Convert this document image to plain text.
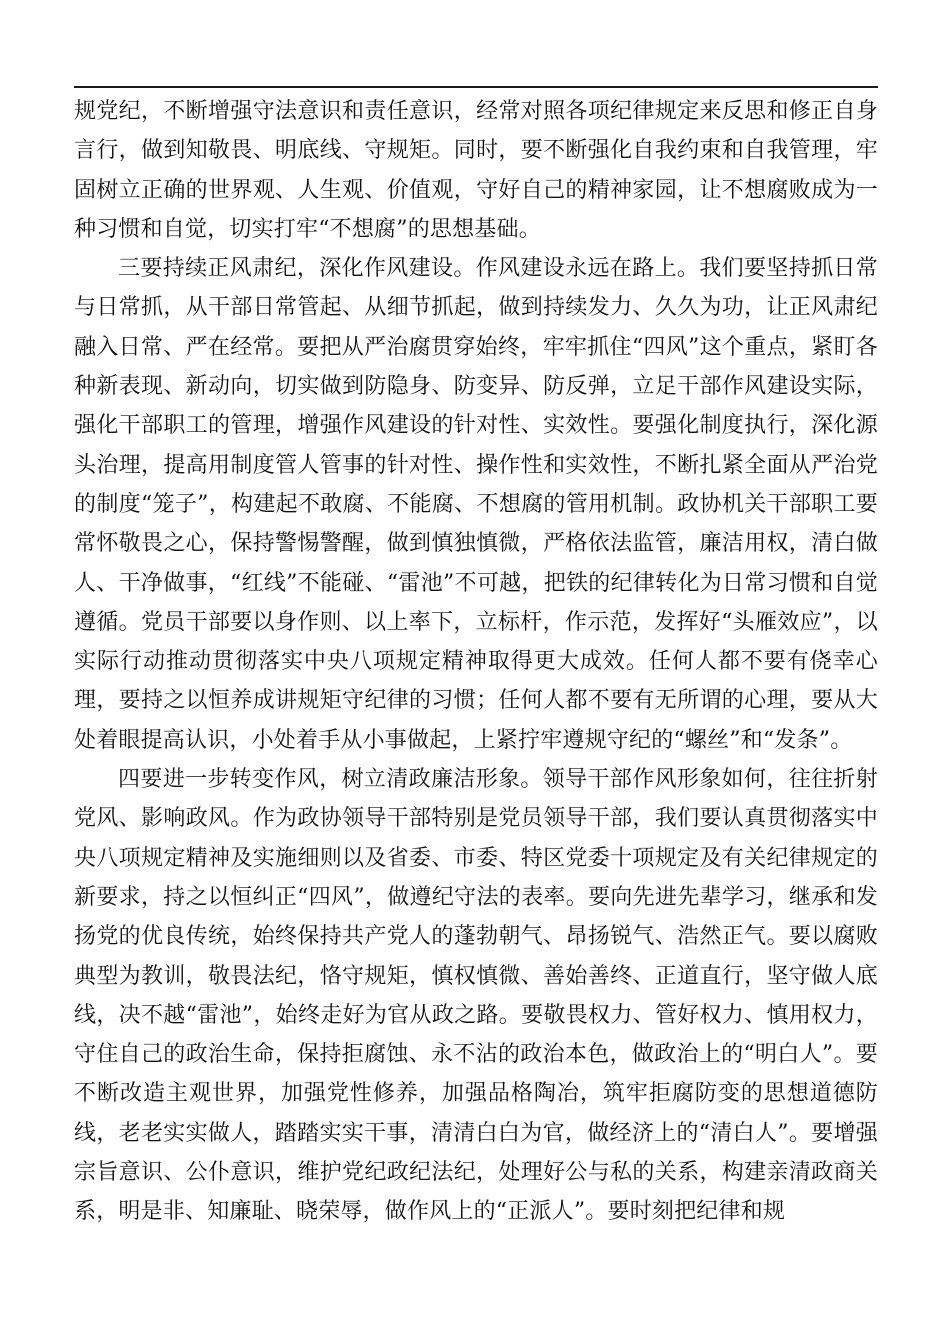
规党纪，不断增强守法意识和责任意识，经常对照各项纪律规定来反思和修正自身言行，做到知敬畏、明底线、守规矩。同时，要不断强化自我约束和自我管理，牢固树立正确的世界观、人生观、价值观，守好自己的精神家园，让不想腐败成为一种习惯和自觉，切实打牢“不想腐”的思想基础。

三要持续正风肃纪，深化作风建设。作风建设永远在路上。我们要坚持抓日常与日常抓，从干部日常管起、从细节抓起，做到持续发力、久久为功，让正风肃纪融入日常、严在经常。要把从严治腐贯穿始终，牢牢抓住“四风”这个重点，紧盯各种新表现、新动向，切实做到防隐身、防变异、防反弹，立足干部作风建设实际，强化干部职工的管理，增强作风建设的针对性、实效性。要强化制度执行，深化源头治理，提高用制度管人管事的针对性、操作性和实效性，不断扎紧全面从严治党的制度“笼子”，构建起不敢腐、不能腐、不想腐的管用机制。政协机关干部职工要常怀敬畏之心，保持警惕警醒，做到慎独慎微，严格依法监管，廉洁用权，清白做人、干净做事，“红线”不能碰、“雷池”不可越，把铁的纪律转化为日常习惯和自觉遵循。党员干部要以身作则、以上率下，立标杆，作示范，发挥好“头雁效应”，以实际行动推动贯彻落实中央八项规定精神取得更大成效。任何人都不要有侥幸心理，要持之以恒养成讲规矩守纪律的习惯；任何人都不要有无所谓的心理，要从大处着眼提高认识，小处着手从小事做起，上紧拧牢遵规守纪的“螺丝”和“发条”。

四要进一步转变作风，树立清政廉洁形象。领导干部作风形象如何，往往折射党风、影响政风。作为政协领导干部特别是党员领导干部，我们要认真贯彻落实中央八项规定精神及实施细则以及省委、市委、特区党委十项规定及有关纪律规定的新要求，持之以恒纠正“四风”，做遵纪守法的表率。要向先进先辈学习，继承和发扬党的优良传统，始终保持共产党人的蓬勃朝气、昂扬锐气、浩然正气。要以腐败典型为教训，敬畏法纪，恪守规矩，慎权慎微、善始善终、正道直行，坚守做人底线，决不越“雷池”，始终走好为官从政之路。要敬畏权力、管好权力、慎用权力，守住自己的政治生命，保持拒腐蚀、永不沾的政治本色，做政治上的“明白人”。要不断改造主观世界，加强党性修养，加强品格陶冶，筑牢拒腐防变的思想道德防线，老老实实做人，踏踏实实干事，清清白白为官，做经济上的“清白人”。要增强宗旨意识、公仆意识，维护党纪政纪法纪，处理好公与私的关系，构建亲清政商关系，明是非、知廉耻、晓荣辱，做作风上的“正派人”。要时刻把纪律和规
